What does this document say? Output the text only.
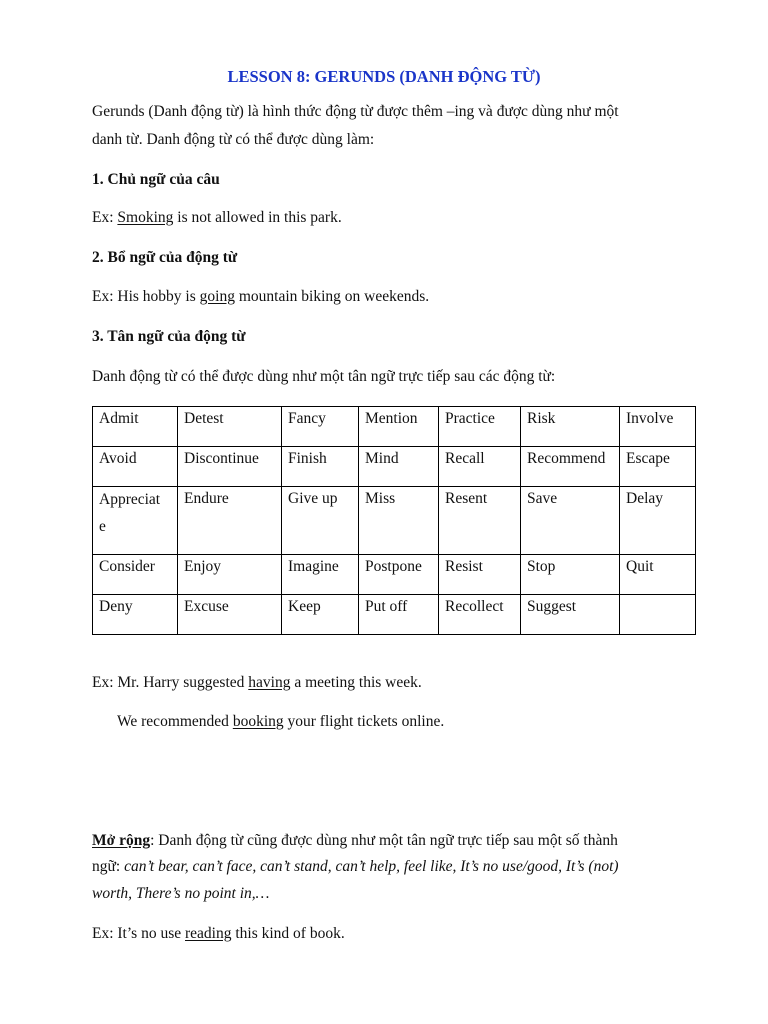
LESSON 8: GERUNDS (DANH ĐỘNG TỪ)
Gerunds (Danh động từ) là hình thức động từ được thêm –ing và được dùng như một
danh từ. Danh động từ có thể được dùng làm:
1. Chủ ngữ của câu
Ex: Smoking is not allowed in this park.
2. Bổ ngữ của động từ
Ex: His hobby is going mountain biking on weekends.
3. Tân ngữ của động từ
Danh động từ có thể được dùng như một tân ngữ trực tiếp sau các động từ:
Admit	Detest	Fancy	Mention	Practice	Risk	Involve
Avoid	Discontinue	Finish	Mind	Recall	Recommend	Escape

Appreciate	Endure	Give up	Miss	Resent	Save	Delay
Consider	Enjoy	Imagine	Postpone	Resist	Stop	Quit
Deny	Excuse	Keep	Put off	Recollect	Suggest	
Ex: Mr. Harry suggested having a meeting this week.
We recommended booking your flight tickets online.
Mở rộng: Danh động từ cũng được dùng như một tân ngữ trực tiếp sau một số thành
ngữ: can’t bear, can’t face, can’t stand, can’t help, feel like, It’s no use/good, It’s (not)
worth, There’s no point in,…
Ex: It’s no use reading this kind of book.
